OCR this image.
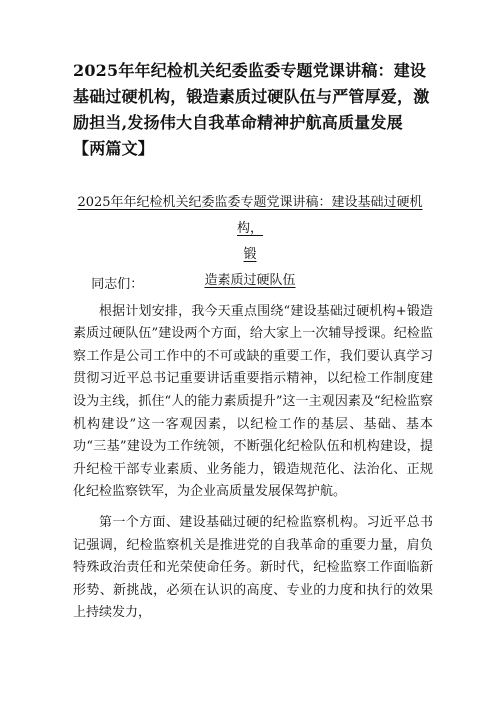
2025年年纪检机关纪委监委专题党课讲稿：建设基础过硬机构，锻造素质过硬队伍与严管厚爱，激励担当,发扬伟大自我革命精神护航高质量发展【两篇文】
2025年年纪检机关纪委监委专题党课讲稿：建设基础过硬机构，
锻
造素质过硬队伍

同志们：

根据计划安排，我今天重点围绕“建设基础过硬机构+锻造素质过硬队伍”建设两个方面，给大家上一次辅导授课。纪检监察工作是公司工作中的不可或缺的重要工作，我们要认真学习贯彻习近平总书记重要讲话重要指示精神，以纪检工作制度建设为主线，抓住“人的能力素质提升”这一主观因素及“纪检监察机构建设”这一客观因素，以纪检工作的基层、基础、基本功“三基”建设为工作统领，不断强化纪检队伍和机构建设，提升纪检干部专业素质、业务能力，锻造规范化、法治化、正规化纪检监察铁军，为企业高质量发展保驾护航。

第一个方面、建设基础过硬的纪检监察机构。习近平总书记强调，纪检监察机关是推进党的自我革命的重要力量，肩负特殊政治责任和光荣使命任务。新时代，纪检监察工作面临新形势、新挑战，必须在认识的高度、专业的力度和执行的效果上持续发力，
